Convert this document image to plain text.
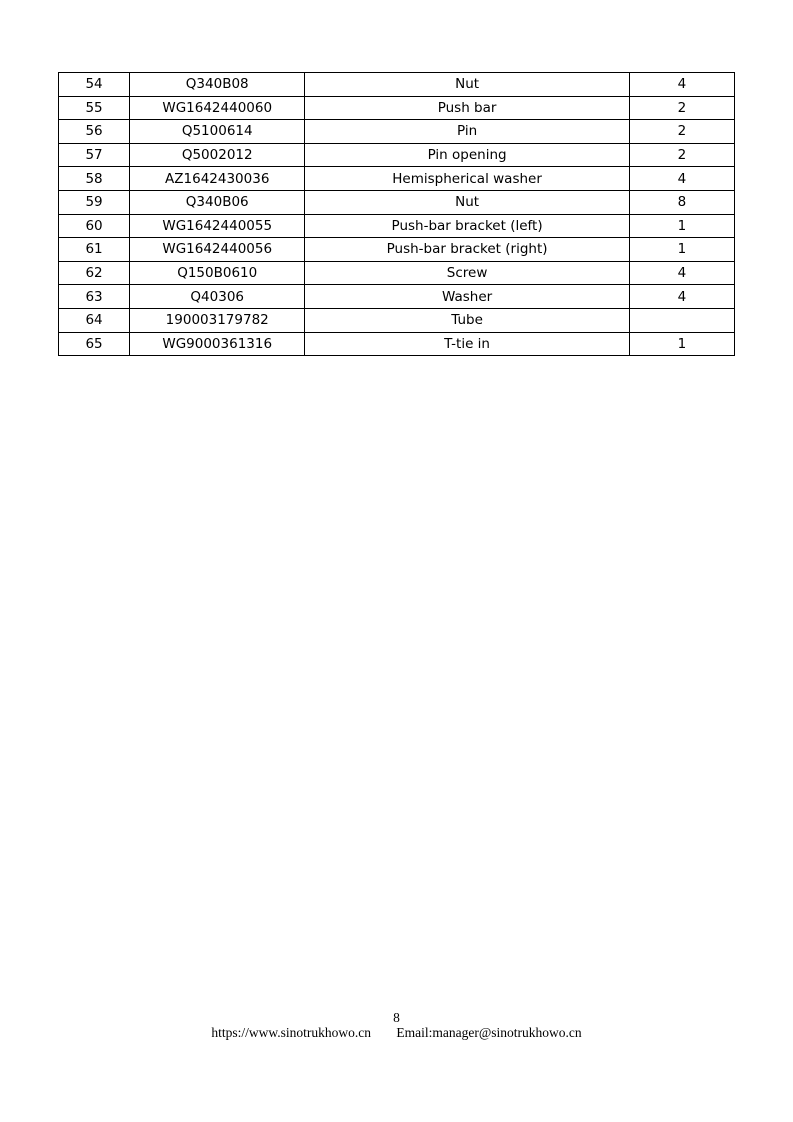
54	Q340B08	Nut	4
55	WG1642440060	Push bar	2
56	Q5100614	Pin	2
57	Q5002012	Pin opening	2
58	AZ1642430036	Hemispherical washer	4
59	Q340B06	Nut	8
60	WG1642440055	Push-bar bracket (left)	1
61	WG1642440056	Push-bar bracket (right)	1
62	Q150B0610	Screw	4
63	Q40306	Washer	4
64	190003179782	Tube	
65	WG9000361316	T-tie in	1
8
https://www.sinotrukhowo.cn Email:manager@sinotrukhowo.cn
